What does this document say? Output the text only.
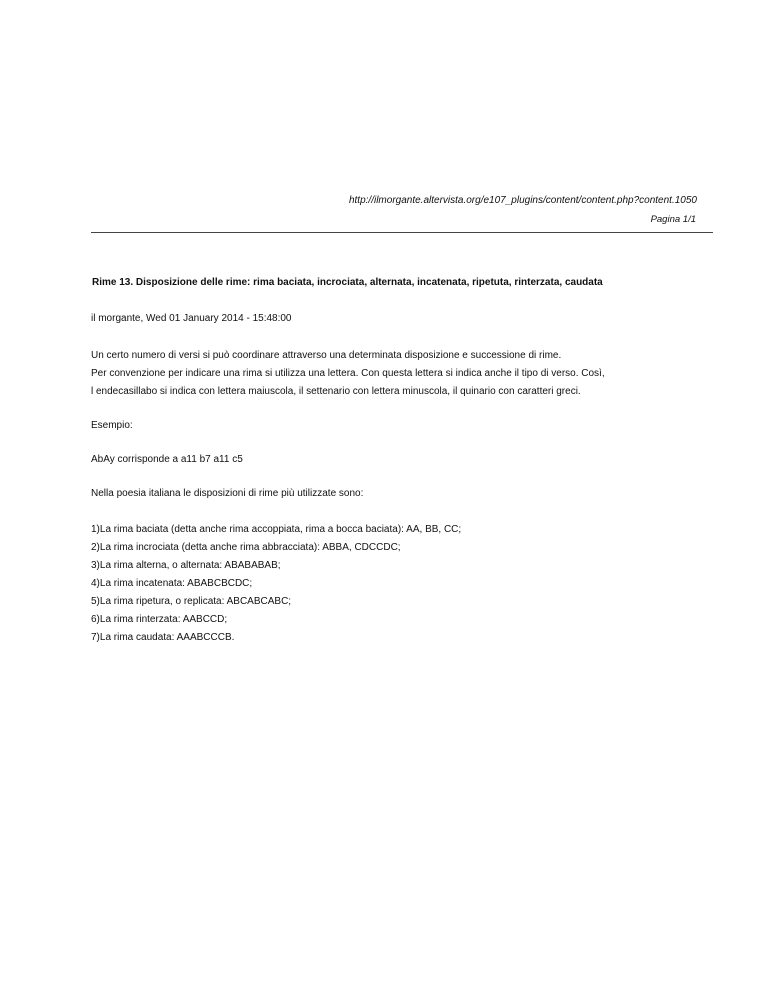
http://ilmorgante.altervista.org/e107_plugins/content/content.php?content.1050
Pagina 1/1
Rime 13. Disposizione delle rime: rima baciata, incrociata, alternata, incatenata, ripetuta, rinterzata, caudata
il morgante, Wed 01 January 2014 - 15:48:00
Un certo numero di versi si può coordinare attraverso una determinata disposizione e successione di rime.
Per convenzione per indicare una rima si utilizza una lettera. Con questa lettera si indica anche il tipo di verso. Così,
l endecasillabo si indica con lettera maiuscola, il settenario con lettera minuscola, il quinario con caratteri greci.
Esempio:
AbAy corrisponde a a11 b7 a11 c5
Nella poesia italiana le disposizioni di rime più utilizzate sono:
1)La rima baciata (detta anche rima accoppiata, rima a bocca baciata): AA, BB, CC;
2)La rima incrociata (detta anche rima abbracciata): ABBA, CDCCDC;
3)La rima alterna, o alternata: ABABABAB;
4)La rima incatenata: ABABCBCDC;
5)La rima ripetura, o replicata: ABCABCABC;
6)La rima rinterzata: AABCCD;
7)La rima caudata: AAABCCCB.
